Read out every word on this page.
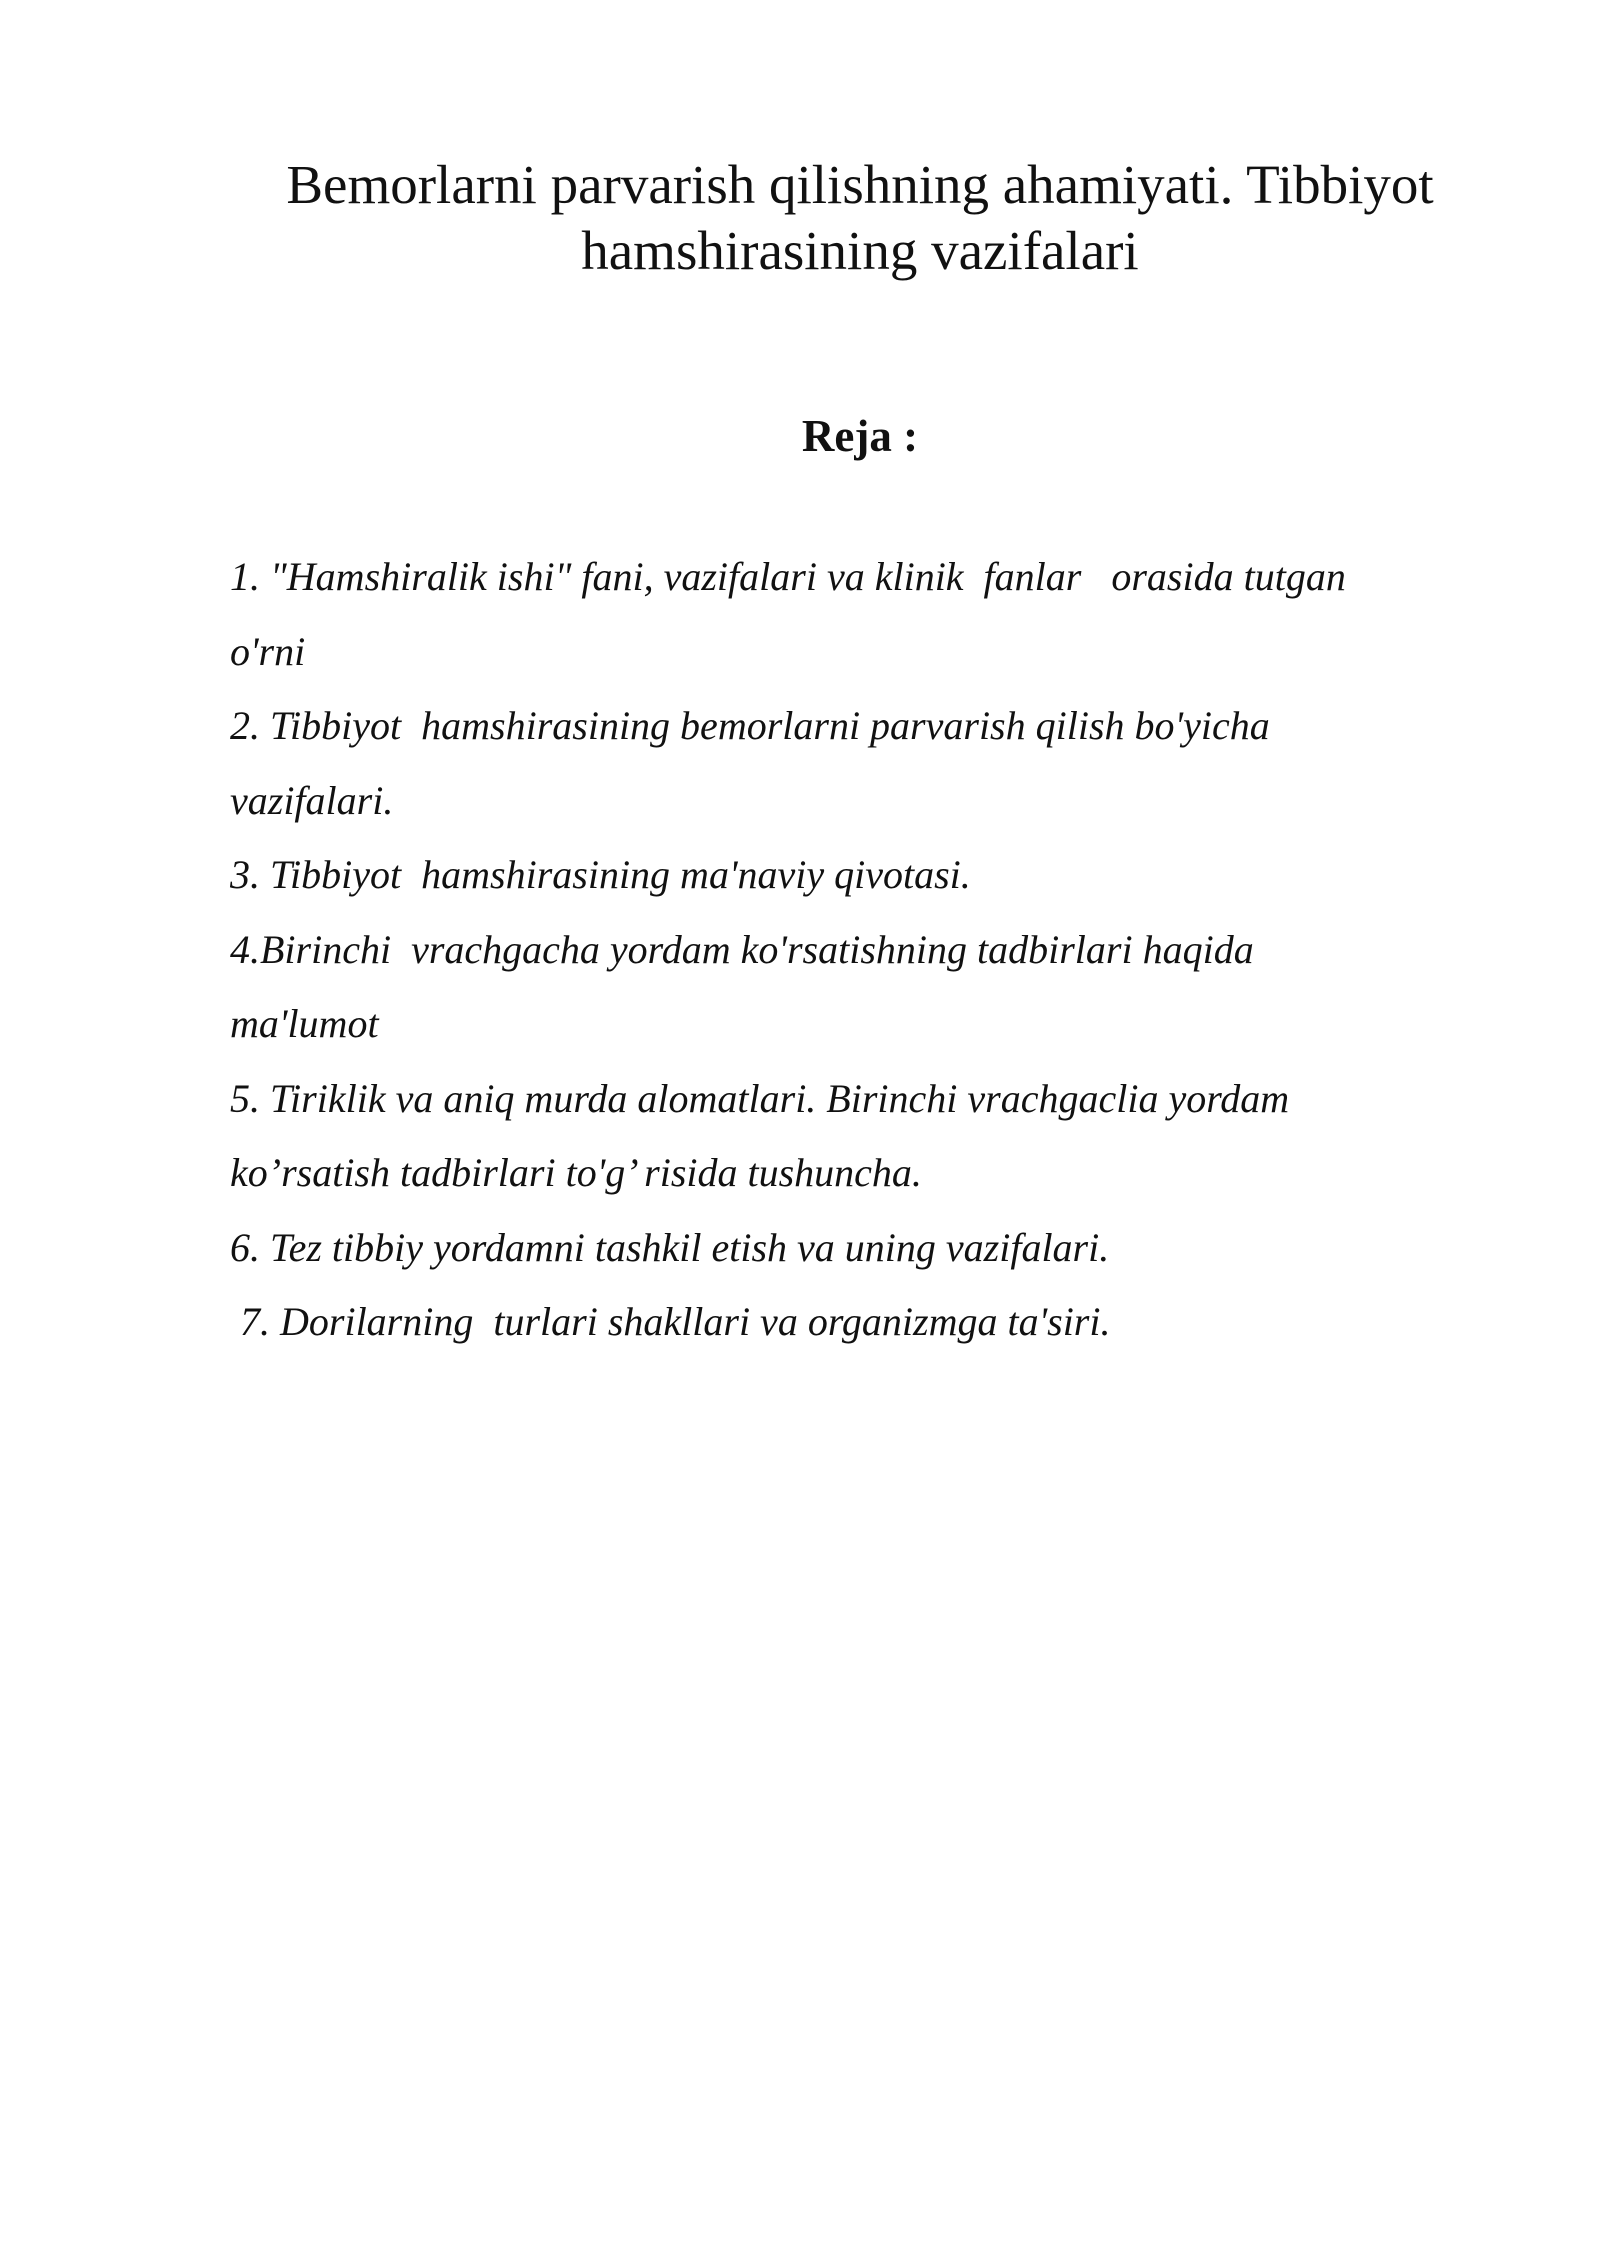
Bemorlarni parvarish qilishning ahamiyati. Tibbiyot
hamshirasining vazifalari
Reja :
1. "Hamshiralik ishi" fani, vazifalari va klinik  fanlar   orasida tutgan
o'rni
2. Tibbiyot  hamshirasining bemorlarni parvarish qilish bo'yicha
vazifalari.
3. Tibbiyot  hamshirasining ma'naviy qivotasi.
4.Birinchi  vrachgacha yordam ko'rsatishning tadbirlari haqida
ma'lumot
5. Tiriklik va aniq murda alomatlari. Birinchi vrachgaclia yordam
ko’rsatish tadbirlari to'g’ risida tushuncha.
6. Tez tibbiy yordamni tashkil etish va uning vazifalari.
7. Dorilarning  turlari shakllari va organizmga ta'siri.
